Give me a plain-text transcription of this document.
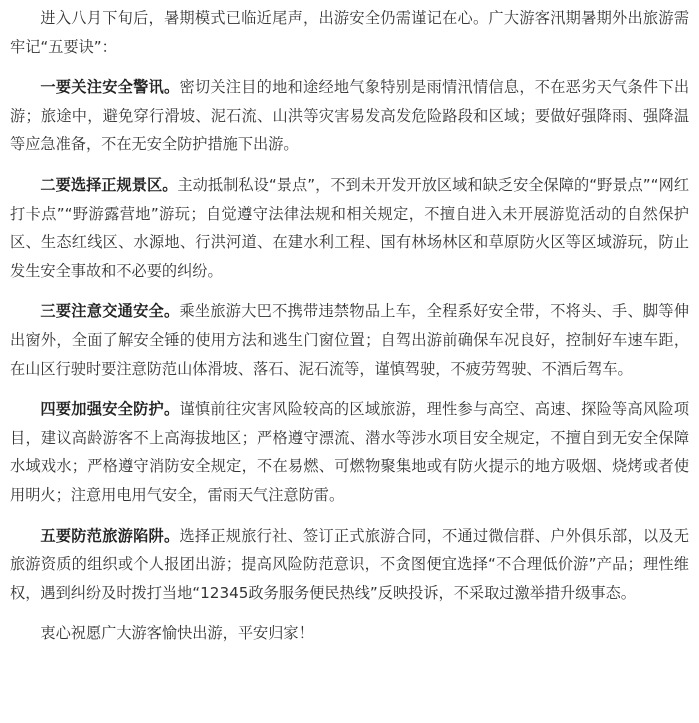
进入八月下旬后，暑期模式已临近尾声，出游安全仍需谨记在心。广大游客汛期暑期外出旅游需牢记“五要诀”：

一要关注安全警讯。密切关注目的地和途经地气象特别是雨情汛情信息，不在恶劣天气条件下出游；旅途中，避免穿行滑坡、泥石流、山洪等灾害易发高发危险路段和区域；要做好强降雨、强降温等应急准备，不在无安全防护措施下出游。

二要选择正规景区。主动抵制私设“景点”，不到未开发开放区域和缺乏安全保障的“野景点”“网红打卡点”“野游露营地”游玩；自觉遵守法律法规和相关规定，不擅自进入未开展游览活动的自然保护区、生态红线区、水源地、行洪河道、在建水利工程、国有林场林区和草原防火区等区域游玩，防止发生安全事故和不必要的纠纷。

三要注意交通安全。乘坐旅游大巴不携带违禁物品上车，全程系好安全带，不将头、手、脚等伸出窗外，全面了解安全锤的使用方法和逃生门窗位置；自驾出游前确保车况良好，控制好车速车距，在山区行驶时要注意防范山体滑坡、落石、泥石流等，谨慎驾驶，不疲劳驾驶、不酒后驾车。

四要加强安全防护。谨慎前往灾害风险较高的区域旅游，理性参与高空、高速、探险等高风险项目，建议高龄游客不上高海拔地区；严格遵守漂流、潜水等涉水项目安全规定，不擅自到无安全保障水域戏水；严格遵守消防安全规定，不在易燃、可燃物聚集地或有防火提示的地方吸烟、烧烤或者使用明火；注意用电用气安全，雷雨天气注意防雷。

五要防范旅游陷阱。选择正规旅行社、签订正式旅游合同，不通过微信群、户外俱乐部，以及无旅游资质的组织或个人报团出游；提高风险防范意识，不贪图便宜选择“不合理低价游”产品；理性维权，遇到纠纷及时拨打当地“12345政务服务便民热线”反映投诉，不采取过激举措升级事态。

衷心祝愿广大游客愉快出游，平安归家！
